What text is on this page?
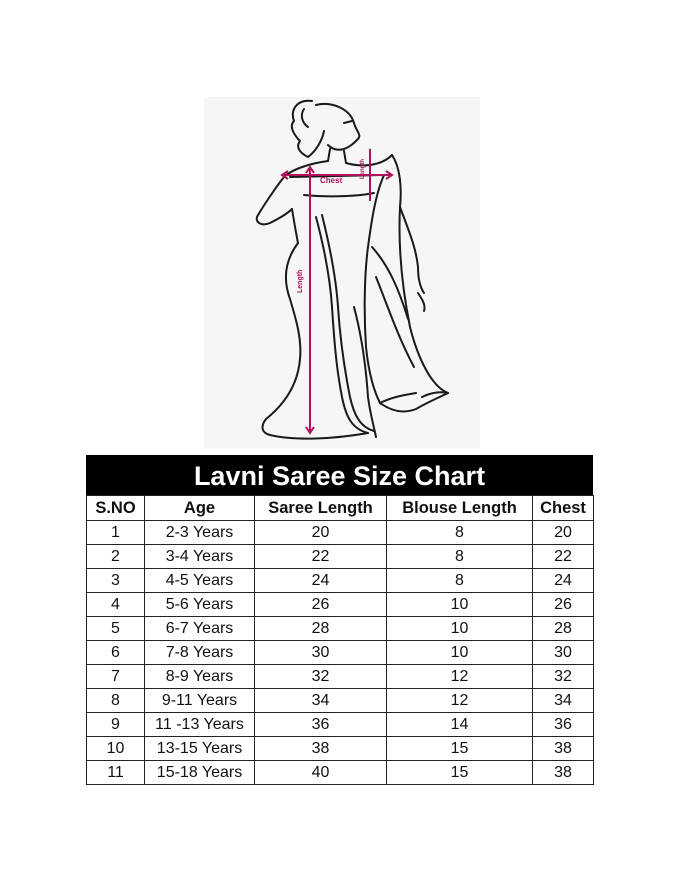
Chest
Length
Length
Lavni Saree Size Chart
S.NO	Age	Saree Length	Blouse Length	Chest
1	2-3 Years	20	8	20
2	3-4 Years	22	8	22
3	4-5 Years	24	8	24
4	5-6 Years	26	10	26
5	6-7 Years	28	10	28
6	7-8 Years	30	10	30
7	8-9 Years	32	12	32
8	9-11 Years	34	12	34
9	11 -13 Years	36	14	36
10	13-15 Years	38	15	38
11	15-18 Years	40	15	38
